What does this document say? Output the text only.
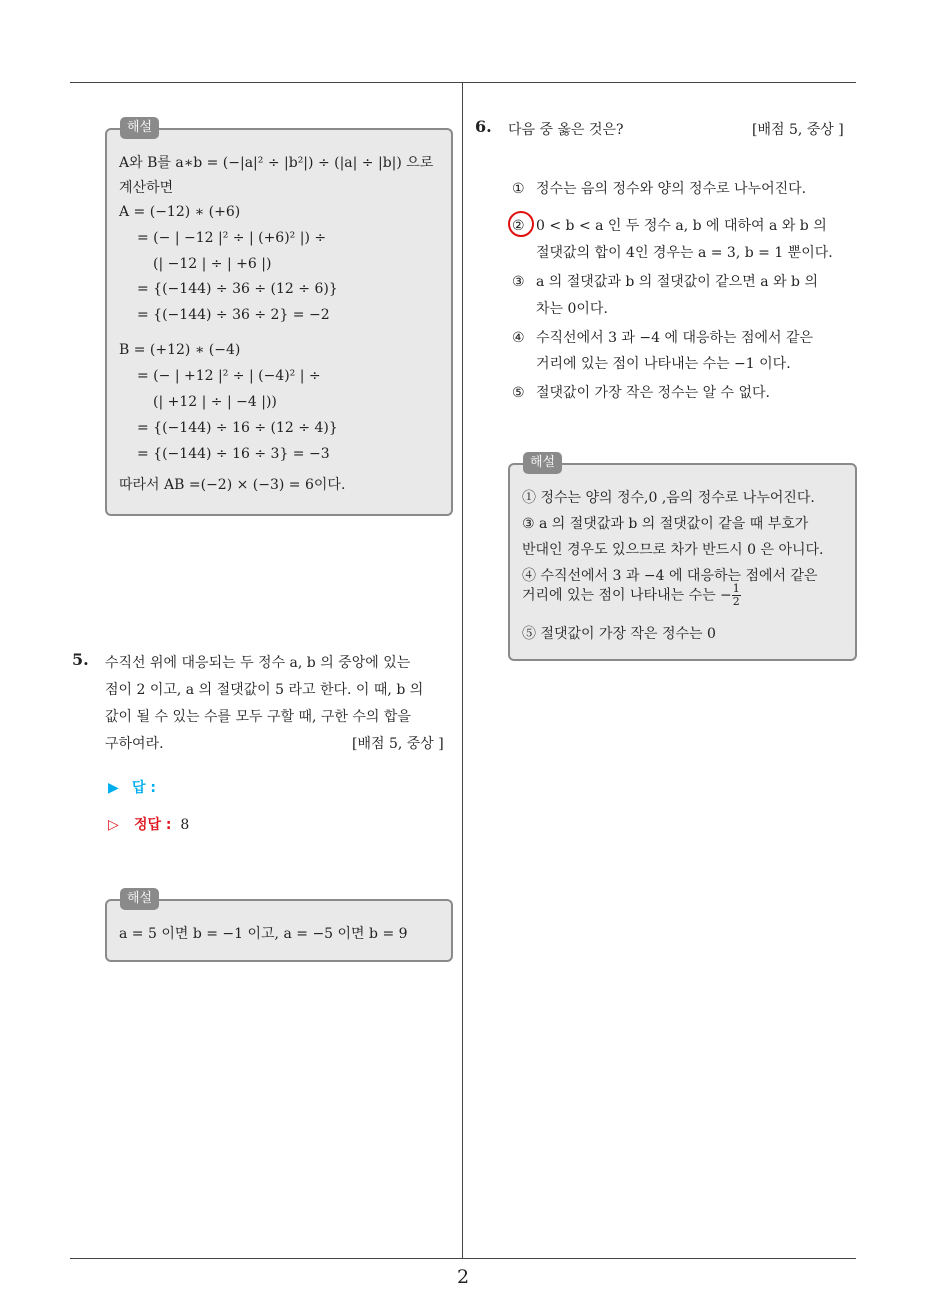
해설
A와 B를 a∗b = (−|a|² ÷ |b²|) ÷ (|a| ÷ |b|) 으로
계산하면
A = (−12) ∗ (+6)
= (− | −12 |² ÷ | (+6)² |) ÷
(| −12 | ÷ | +6 |)
= {(−144) ÷ 36 ÷ (12 ÷ 6)}
= {(−144) ÷ 36 ÷ 2} = −2
B = (+12) ∗ (−4)
= (− | +12 |² ÷ | (−4)² | ÷
(| +12 | ÷ | −4 |))
= {(−144) ÷ 16 ÷ (12 ÷ 4)}
= {(−144) ÷ 16 ÷ 3} = −3
따라서 AB =(−2) × (−3) = 6이다.
5. 수직선 위에 대응되는 두 정수 a, b 의 중앙에 있는
점이 2 이고, a 의 절댓값이 5 라고 한다. 이 때, b 의
값이 될 수 있는 수를 모두 구할 때, 구한 수의 합을
구하여라.	[배점 5, 중상 ]
▶ 답 :
▷ 정답 : 8
해설
a = 5 이면 b = −1 이고, a = −5 이면 b = 9
6. 다음 중 옳은 것은?	[배점 5, 중상 ]
① 정수는 음의 정수와 양의 정수로 나누어진다.
② 0 < b < a 인 두 정수 a, b 에 대하여 a 와 b 의
절댓값의 합이 4인 경우는 a = 3, b = 1 뿐이다.
③ a 의 절댓값과 b 의 절댓값이 같으면 a 와 b 의
차는 0이다.
④ 수직선에서 3 과 −4 에 대응하는 점에서 같은
거리에 있는 점이 나타내는 수는 −1 이다.
⑤ 절댓값이 가장 작은 정수는 알 수 없다.
해설
① 정수는 양의 정수,0 ,음의 정수로 나누어진다.
③ a 의 절댓값과 b 의 절댓값이 같을 때 부호가
반대인 경우도 있으므로 차가 반드시 0 은 아니다.
④ 수직선에서 3 과 −4 에 대응하는 점에서 같은
거리에 있는 점이 나타내는 수는 − $\frac{1}{2}$
⑤ 절댓값이 가장 작은 정수는 0
2
